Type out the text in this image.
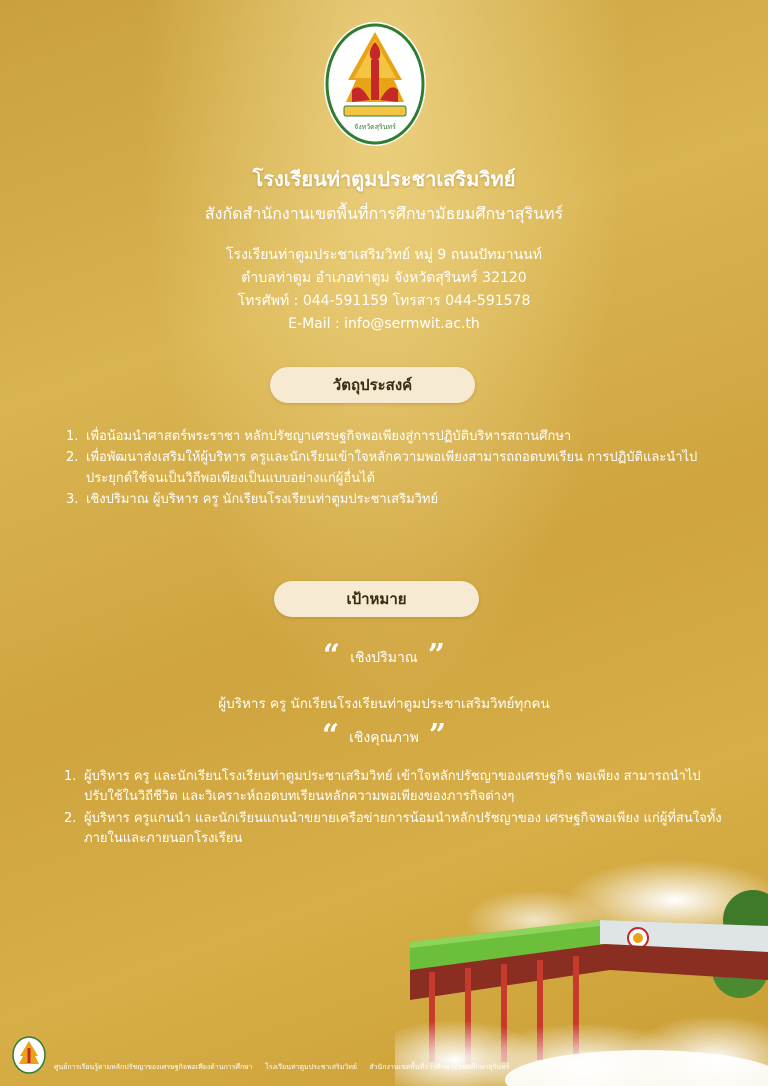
จังหวัดสุรินทร์
โรงเรียนท่าตูมประชาเสริมวิทย์
สังกัดสำนักงานเขตพื้นที่การศึกษามัธยมศึกษาสุรินทร์
โรงเรียนท่าตูมประชาเสริมวิทย์ หมู่ 9 ถนนปัทมานนท์
ตำบลท่าตูม อำเภอท่าตูม จังหวัดสุรินทร์ 32120
โทรศัพท์ : 044-591159 โทรสาร 044-591578
E-Mail : info@sermwit.ac.th
วัตถุประสงค์
1. เพื่อน้อมนำศาสตร์พระราชา หลักปรัชญาเศรษฐกิจพอเพียงสู่การปฏิบัติบริหารสถานศึกษา
2. เพื่อพัฒนาส่งเสริมให้ผู้บริหาร ครูและนักเรียนเข้าใจหลักความพอเพียงสามารถถอดบทเรียน การปฏิบัติและนำไปประยุกต์ใช้จนเป็นวิถีพอเพียงเป็นแบบอย่างแก่ผู้อื่นได้
3. เชิงปริมาณ ผู้บริหาร ครู นักเรียนโรงเรียนท่าตูมประชาเสริมวิทย์
เป้าหมาย
“ เชิงปริมาณ ”
ผู้บริหาร ครู นักเรียนโรงเรียนท่าตูมประชาเสริมวิทย์ทุกคน
“ เชิงคุณภาพ ”
1. ผู้บริหาร ครู และนักเรียนโรงเรียนท่าตูมประชาเสริมวิทย์ เข้าใจหลักปรัชญาของเศรษฐกิจ พอเพียง สามารถนำไปปรับใช้ในวิถีชีวิต และวิเคราะห์ถอดบทเรียนหลักความพอเพียงของภารกิจต่างๆ
2. ผู้บริหาร ครูแกนนำ และนักเรียนแกนนำขยายเครือข่ายการน้อมนำหลักปรัชญาของ เศรษฐกิจพอเพียง แก่ผู้ที่สนใจทั้งภายในและภายนอกโรงเรียน
ศูนย์การเรียนรู้ตามหลักปรัชญาของเศรษฐกิจพอเพียงด้านการศึกษา โรงเรียนท่าตูมประชาเสริมวิทย์ สำนักงานเขตพื้นที่การศึกษามัธยมศึกษาสุรินทร์
